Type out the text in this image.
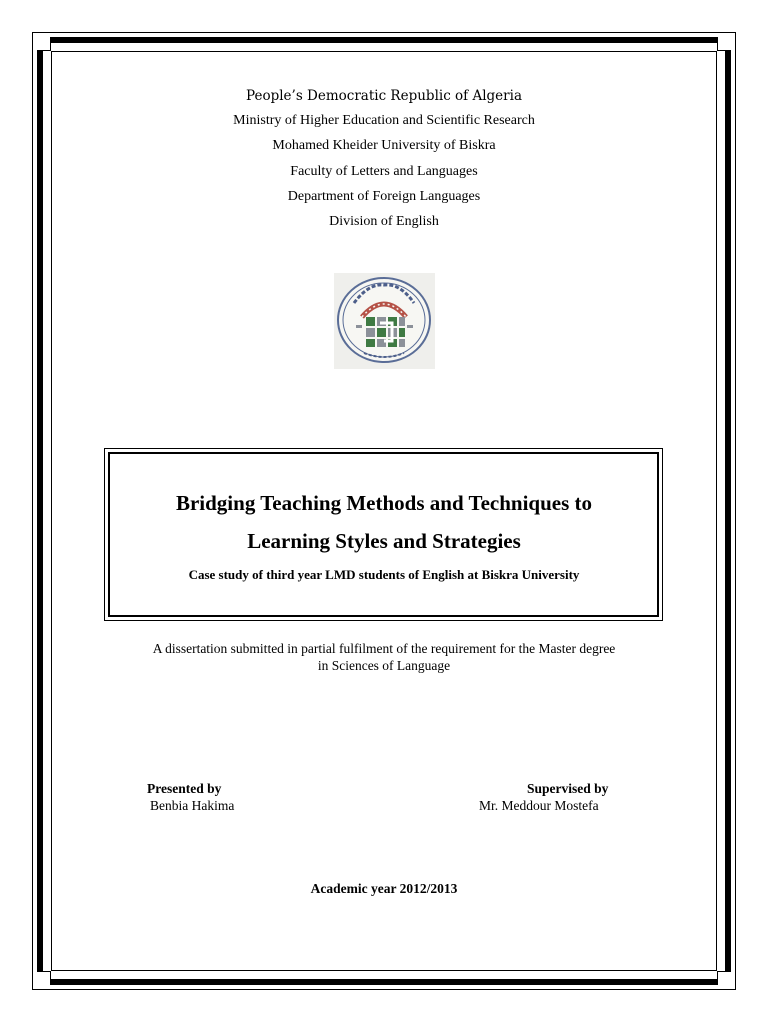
People’s Democratic Republic of Algeria
Ministry of Higher Education and Scientific Research
Mohamed Kheider University of Biskra
Faculty of Letters and Languages
Department of Foreign Languages
Division of English
Bridging Teaching Methods and Techniques to
Learning Styles and Strategies
Case study of third year LMD students of English at Biskra University
A dissertation submitted in partial fulfilment of the requirement for the Master degree
in Sciences of Language
Presented by
Benbia Hakima
Supervised by
Mr. Meddour Mostefa
Academic year 2012/2013
